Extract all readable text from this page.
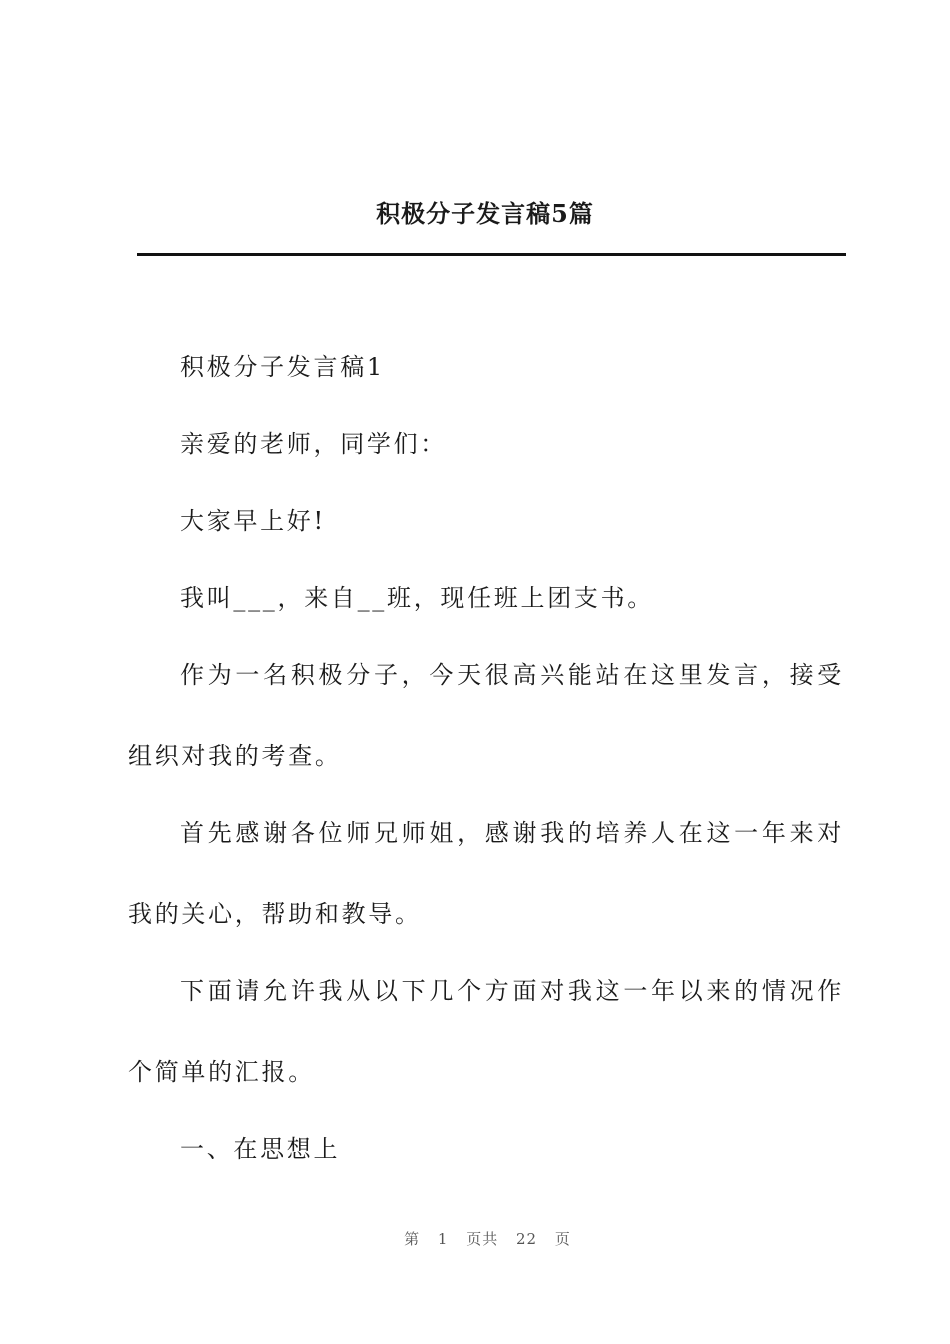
积极分子发言稿5篇

积极分子发言稿1

亲爱的老师，同学们：

大家早上好!

我叫___，来自__班，现任班上团支书。

作为一名积极分子，今天很高兴能站在这里发言，接受组织对我的考查。

首先感谢各位师兄师姐，感谢我的培养人在这一年来对我的关心，帮助和教导。

下面请允许我从以下几个方面对我这一年以来的情况作个简单的汇报。

一、在思想上

第 1 页共 22 页
